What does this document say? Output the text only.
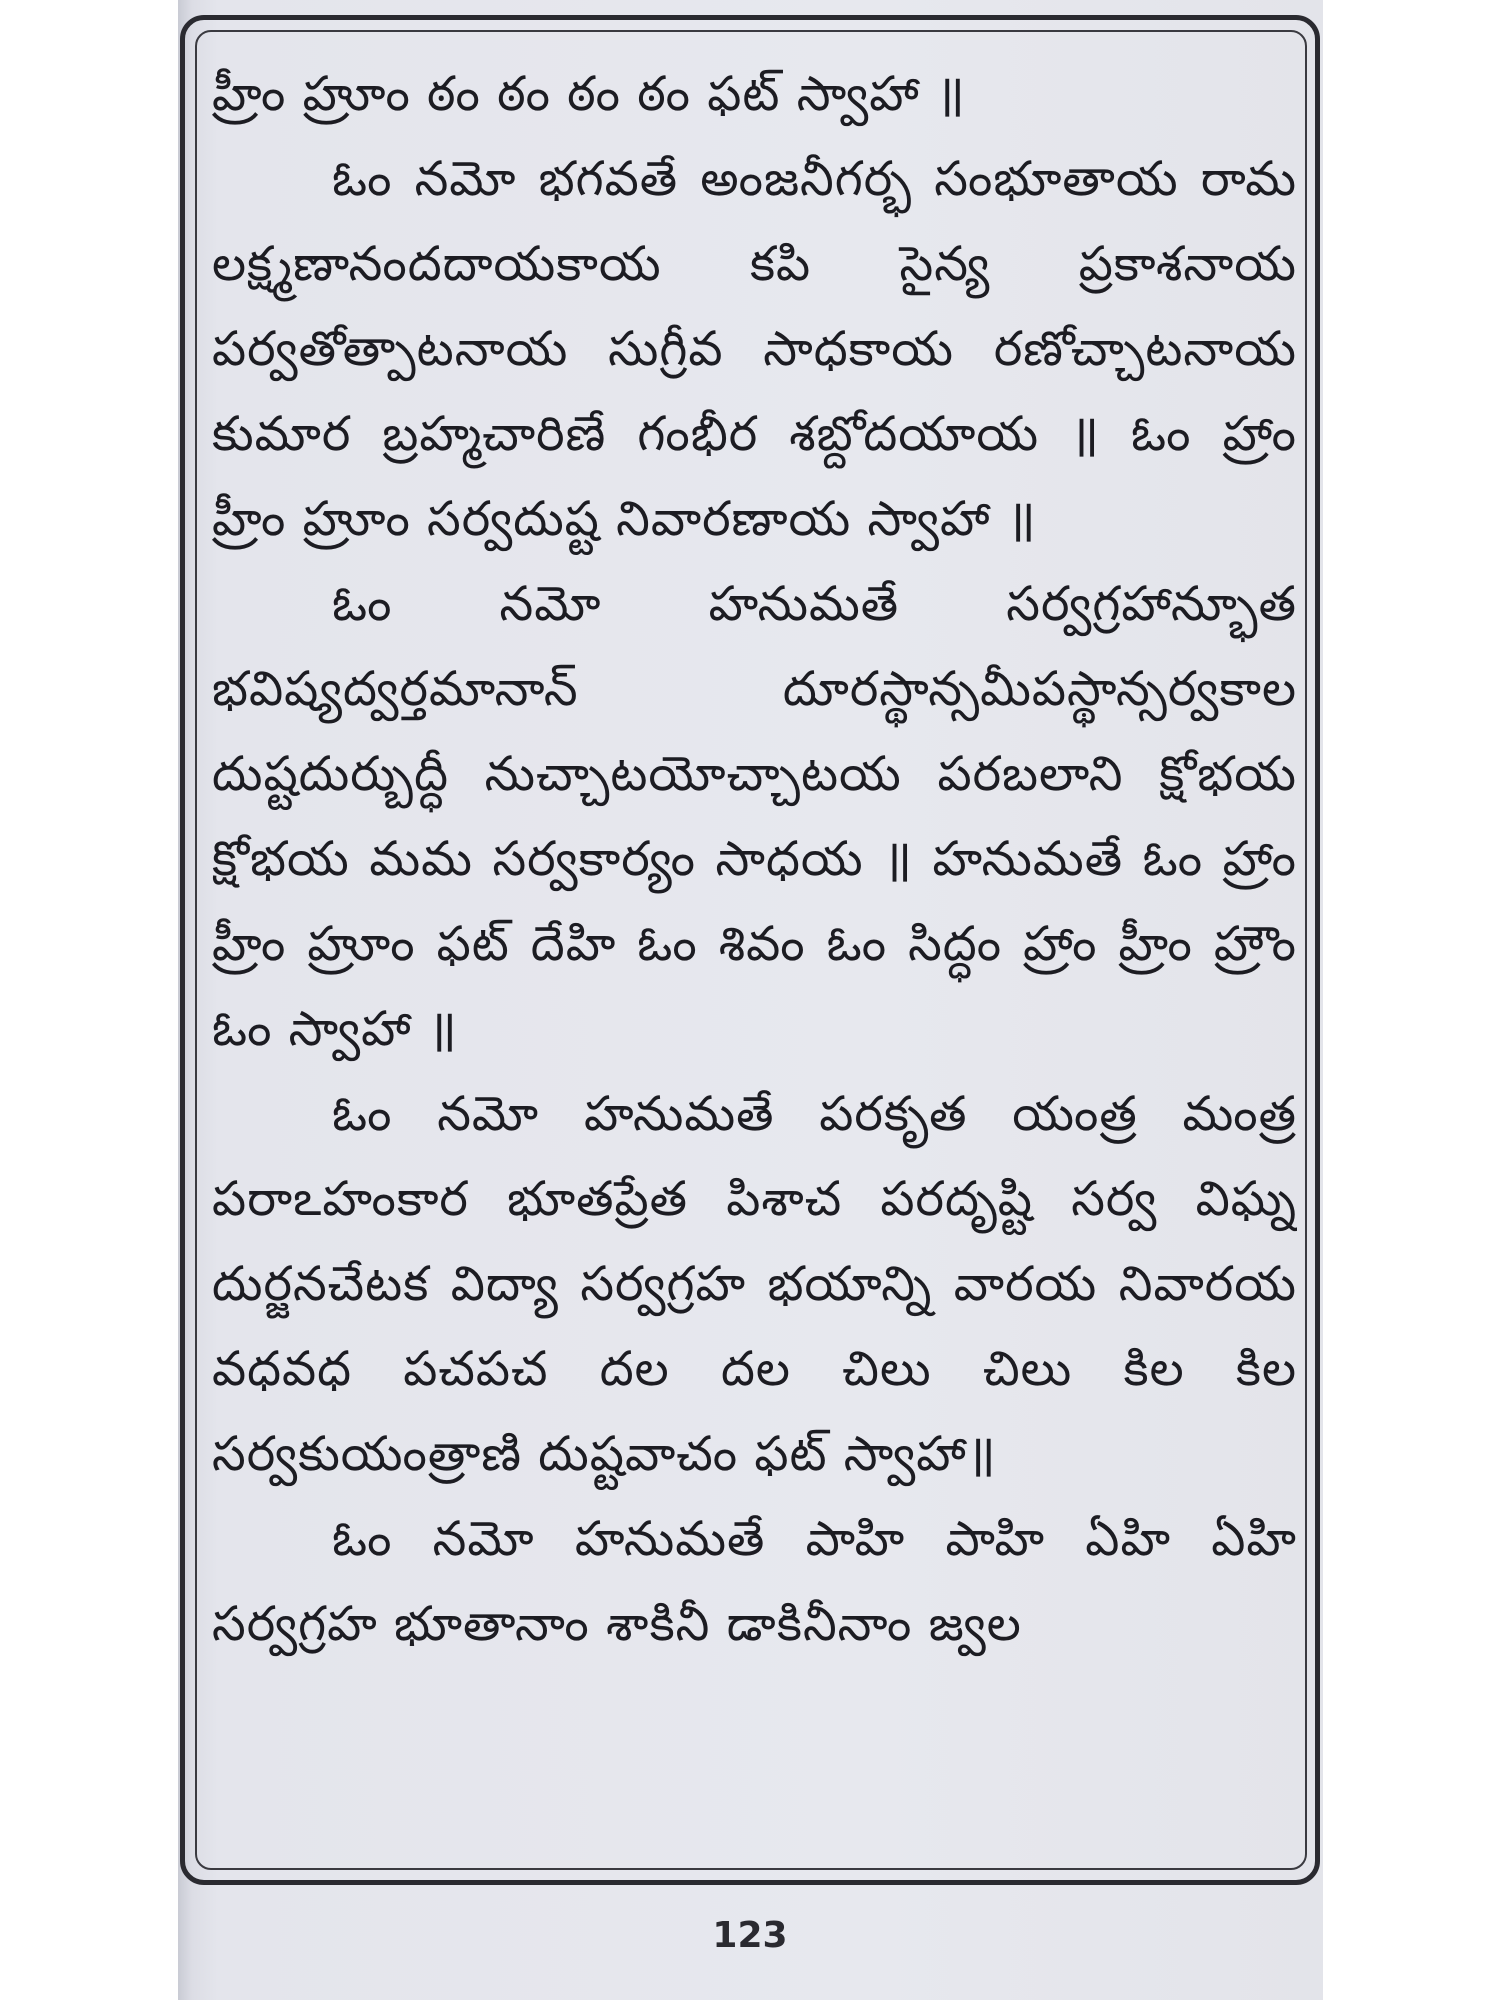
హ్రీం హ్రూం ఠం ఠం ఠం ఠం ఫట్ స్వాహా ॥

ఓం నమో భగవతే అంజనీగర్భ సంభూతాయ రామ లక్ష్మణానందదాయకాయ కపి సైన్య ప్రకాశనాయ పర్వతోత్పాటనాయ సుగ్రీవ సాధకాయ రణోచ్చాటనాయ కుమార బ్రహ్మచారిణే గంభీర శబ్దోదయాయ ॥ ఓం హ్రాం హ్రీం హ్రూం సర్వదుష్ట నివారణాయ స్వాహా ॥

ఓం నమో హనుమతే సర్వగ్రహాన్భూత భవిష్యద్వర్తమానాన్ దూరస్థాన్సమీపస్థాన్సర్వకాల దుష్టదుర్బుద్ధీ నుచ్చాటయోచ్చాటయ పరబలాని క్షోభయ క్షోభయ మమ సర్వకార్యం సాధయ ॥ హనుమతే ఓం హ్రాం హ్రీం హ్రూం ఫట్ దేహి ఓం శివం ఓం సిద్ధం హ్రాం హ్రీం హ్రౌం ఓం స్వాహా ॥

ఓం నమో హనుమతే పరకృత యంత్ర మంత్ర పరాఽహంకార భూతప్రేత పిశాచ పరదృష్టి సర్వ విఘ్న దుర్జనచేటక విద్యా సర్వగ్రహ భయాన్ని వారయ నివారయ వధవధ పచపచ దల దల చిలు చిలు కిల కిల సర్వకుయంత్రాణి దుష్టవాచం ఫట్ స్వాహా॥

ఓం నమో హనుమతే పాహి పాహి ఏహి ఏహి సర్వగ్రహ భూతానాం శాకినీ డాకినీనాం జ్వల

123
